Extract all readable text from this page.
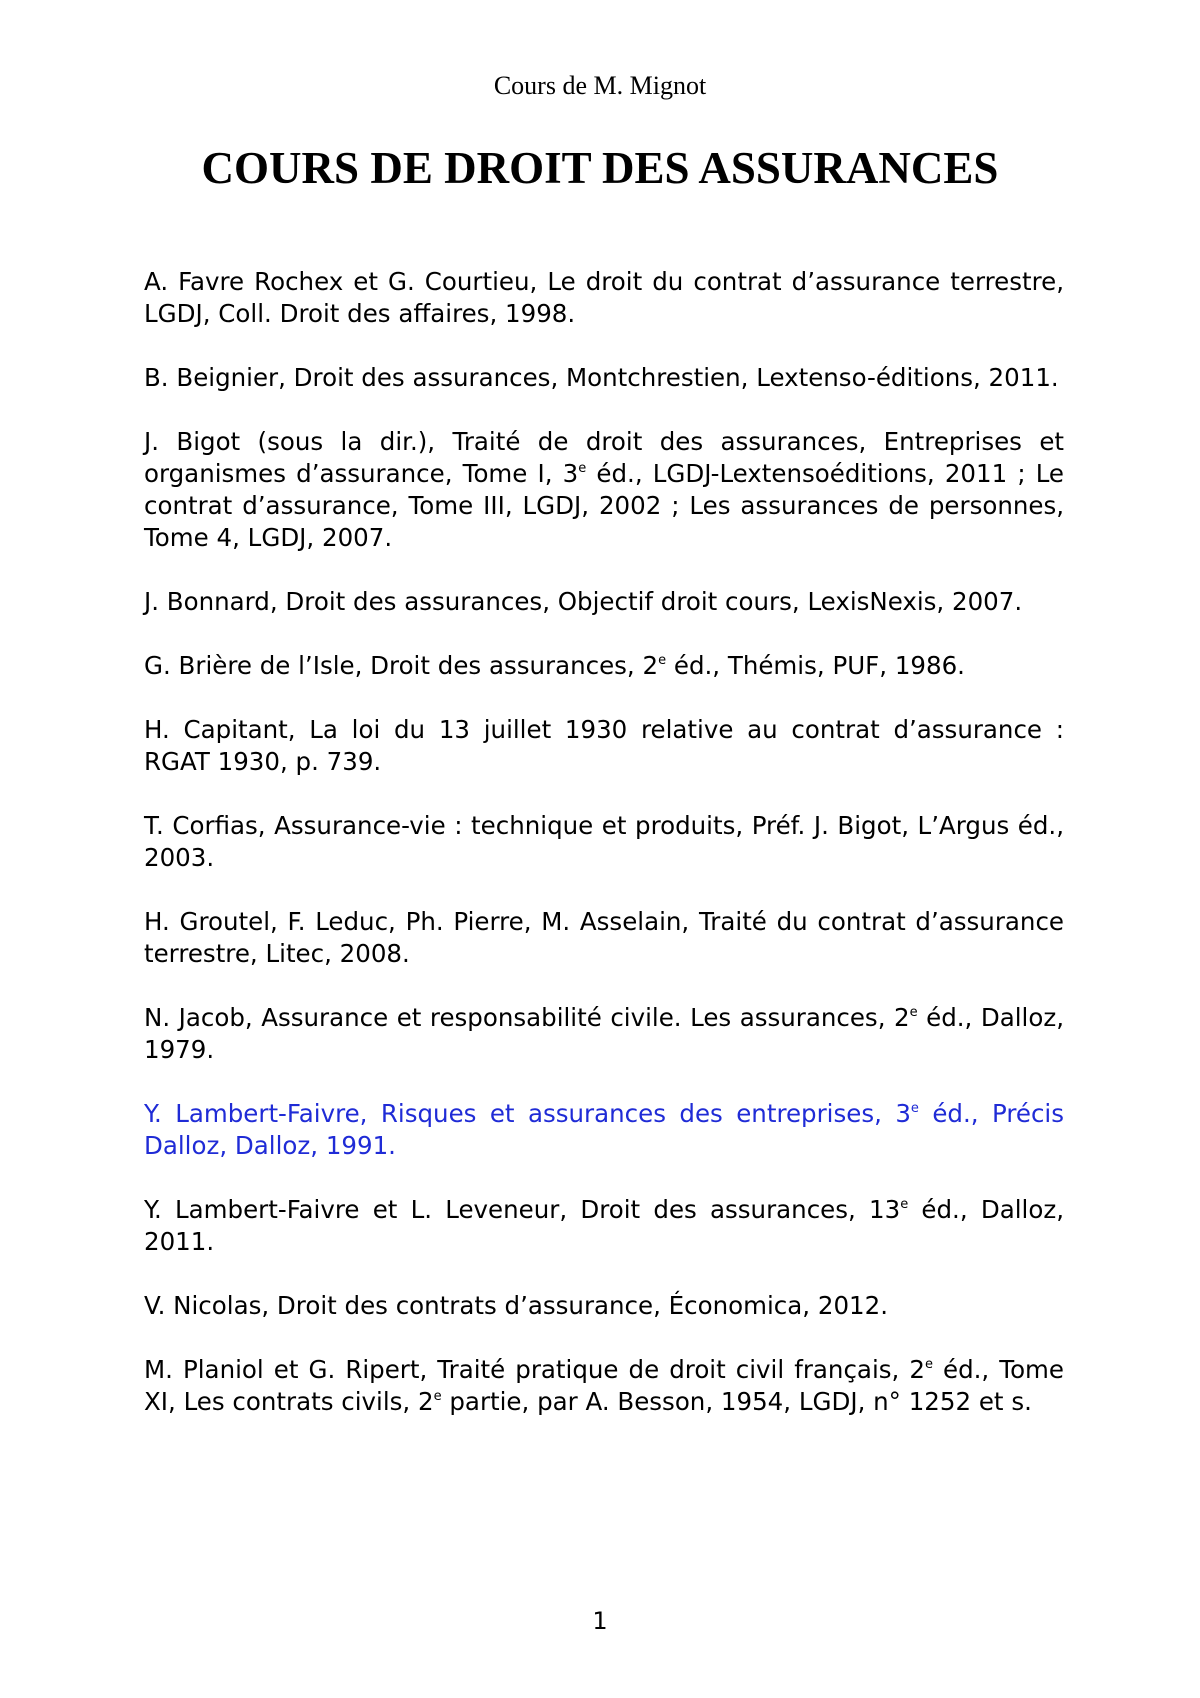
Cours de M. Mignot
COURS DE DROIT DES ASSURANCES

A. Favre Rochex et G. Courtieu, Le droit du contrat d’assurance terrestre, LGDJ, Coll. Droit des affaires, 1998.

B. Beignier, Droit des assurances, Montchrestien, Lextenso-éditions, 2011.

J. Bigot (sous la dir.), Traité de droit des assurances, Entreprises et organismes d’assurance, Tome I, 3e éd., LGDJ-Lextensoéditions, 2011 ; Le contrat d’assurance, Tome III, LGDJ, 2002 ; Les assurances de personnes, Tome 4, LGDJ, 2007.

J. Bonnard, Droit des assurances, Objectif droit cours, LexisNexis, 2007.

G. Brière de l’Isle, Droit des assurances, 2e éd., Thémis, PUF, 1986.

H. Capitant, La loi du 13 juillet 1930 relative au contrat d’assurance : RGAT 1930, p. 739.

T. Corfias, Assurance-vie : technique et produits, Préf. J. Bigot, L’Argus éd., 2003.

H. Groutel, F. Leduc, Ph. Pierre, M. Asselain, Traité du contrat d’assurance terrestre, Litec, 2008.

N. Jacob, Assurance et responsabilité civile. Les assurances, 2e éd., Dalloz, 1979.

Y. Lambert-Faivre, Risques et assurances des entreprises, 3e éd., Précis Dalloz, Dalloz, 1991.

Y. Lambert-Faivre et L. Leveneur, Droit des assurances, 13e éd., Dalloz, 2011.

V. Nicolas, Droit des contrats d’assurance, Économica, 2012.

M. Planiol et G. Ripert, Traité pratique de droit civil français, 2e éd., Tome XI, Les contrats civils, 2e partie, par A. Besson, 1954, LGDJ, n° 1252 et s.

1
